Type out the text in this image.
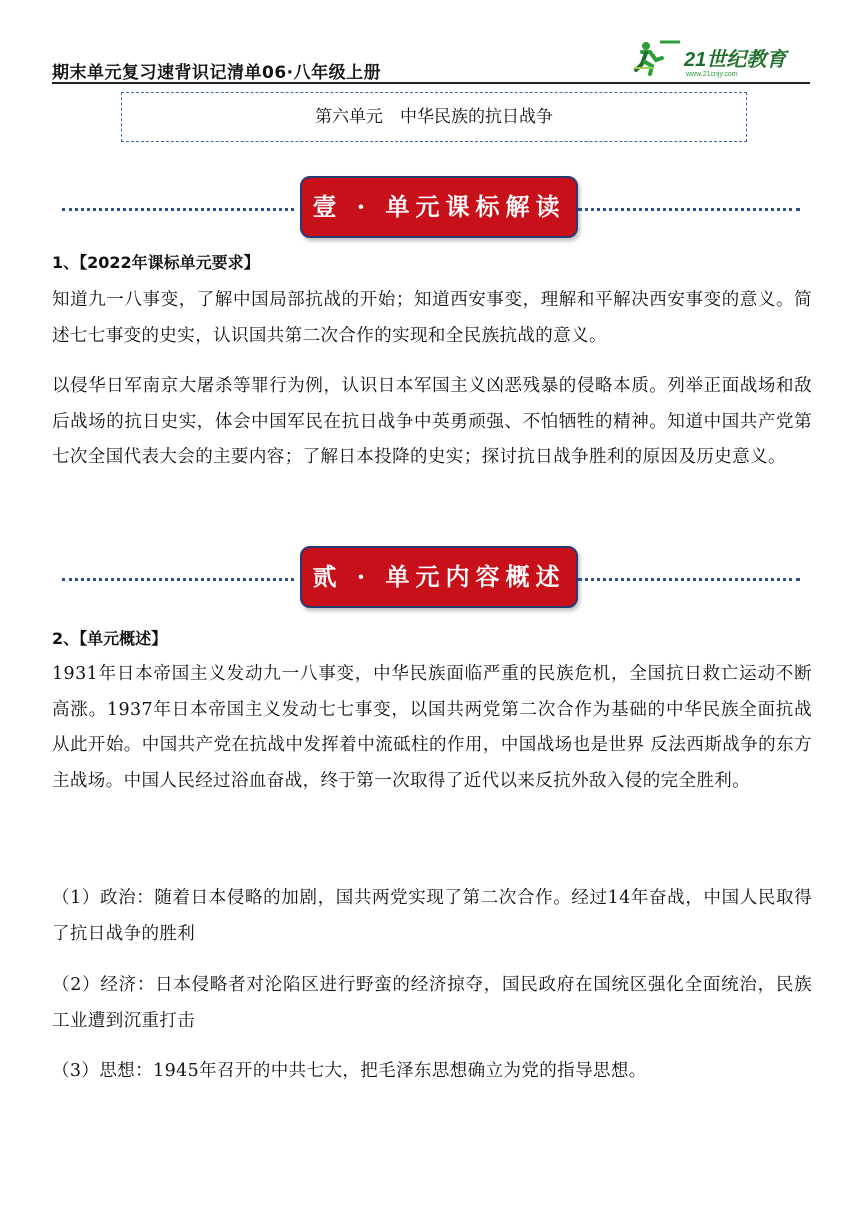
期末单元复习速背识记清单06·八年级上册
21世纪教育
www.21cnjy.com
第六单元　中华民族的抗日战争
壹 · 单元课标解读
1、【2022年课标单元要求】

知道九一八事变，了解中国局部抗战的开始；知道西安事变，理解和平解决西安事变的意义。简述七七事变的史实，认识国共第二次合作的实现和全民族抗战的意义。

以侵华日军南京大屠杀等罪行为例，认识日本军国主义凶恶残暴的侵略本质。列举正面战场和敌后战场的抗日史实，体会中国军民在抗日战争中英勇顽强、不怕牺牲的精神。知道中国共产党第七次全国代表大会的主要内容；了解日本投降的史实；探讨抗日战争胜利的原因及历史意义。

贰 · 单元内容概述
2、【单元概述】

1931年日本帝国主义发动九一八事变，中华民族面临严重的民族危机，全国抗日救亡运动不断高涨。1937年日本帝国主义发动七七事变，以国共两党第二次合作为基础的中华民族全面抗战从此开始。中国共产党在抗战中发挥着中流砥柱的作用，中国战场也是世界 反法西斯战争的东方主战场。中国人民经过浴血奋战，终于第一次取得了近代以来反抗外敌入侵的完全胜利。

（1）政治：随着日本侵略的加剧，国共两党实现了第二次合作。经过14年奋战，中国人民取得了抗日战争的胜利

（2）经济：日本侵略者对沦陷区进行野蛮的经济掠夺，国民政府在国统区强化全面统治，民族工业遭到沉重打击

（3）思想：1945年召开的中共七大，把毛泽东思想确立为党的指导思想。
